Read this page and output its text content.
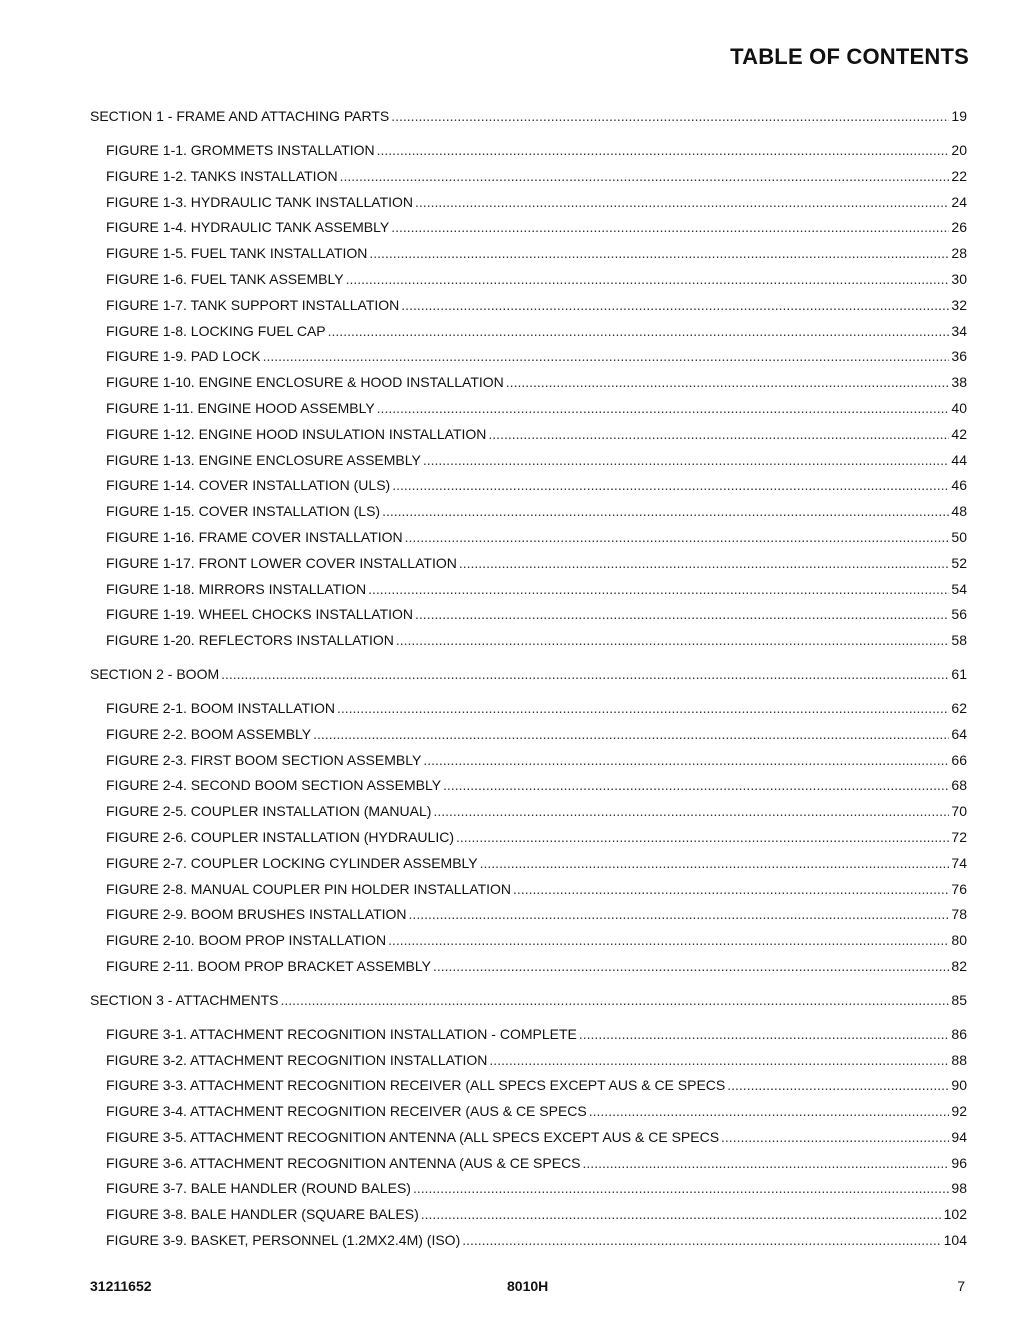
TABLE OF CONTENTS
SECTION 1 - FRAME AND ATTACHING PARTS .....	19
FIGURE 1-1. GROMMETS INSTALLATION .....	20
FIGURE 1-2. TANKS INSTALLATION .....	22
FIGURE 1-3. HYDRAULIC TANK INSTALLATION .....	24
FIGURE 1-4. HYDRAULIC TANK ASSEMBLY .....	26
FIGURE 1-5. FUEL TANK INSTALLATION .....	28
FIGURE 1-6. FUEL TANK ASSEMBLY .....	30
FIGURE 1-7. TANK SUPPORT INSTALLATION .....	32
FIGURE 1-8. LOCKING FUEL CAP .....	34
FIGURE 1-9. PAD LOCK .....	36
FIGURE 1-10. ENGINE ENCLOSURE & HOOD INSTALLATION .....	38
FIGURE 1-11. ENGINE HOOD ASSEMBLY .....	40
FIGURE 1-12. ENGINE HOOD INSULATION INSTALLATION .....	42
FIGURE 1-13. ENGINE ENCLOSURE ASSEMBLY .....	44
FIGURE 1-14. COVER INSTALLATION (ULS) .....	46
FIGURE 1-15. COVER INSTALLATION (LS) .....	48
FIGURE 1-16. FRAME COVER INSTALLATION .....	50
FIGURE 1-17. FRONT LOWER COVER INSTALLATION .....	52
FIGURE 1-18. MIRRORS INSTALLATION .....	54
FIGURE 1-19. WHEEL CHOCKS INSTALLATION .....	56
FIGURE 1-20. REFLECTORS INSTALLATION .....	58
SECTION 2 - BOOM .....	61
FIGURE 2-1. BOOM INSTALLATION .....	62
FIGURE 2-2. BOOM ASSEMBLY .....	64
FIGURE 2-3. FIRST BOOM SECTION ASSEMBLY .....	66
FIGURE 2-4. SECOND BOOM SECTION ASSEMBLY .....	68
FIGURE 2-5. COUPLER INSTALLATION (MANUAL) .....	70
FIGURE 2-6. COUPLER INSTALLATION (HYDRAULIC) .....	72
FIGURE 2-7. COUPLER LOCKING CYLINDER ASSEMBLY .....	74
FIGURE 2-8. MANUAL COUPLER PIN HOLDER INSTALLATION .....	76
FIGURE 2-9. BOOM BRUSHES INSTALLATION .....	78
FIGURE 2-10. BOOM PROP INSTALLATION .....	80
FIGURE 2-11. BOOM PROP BRACKET ASSEMBLY .....	82
SECTION 3 - ATTACHMENTS .....	85
FIGURE 3-1. ATTACHMENT RECOGNITION INSTALLATION - COMPLETE .....	86
FIGURE 3-2. ATTACHMENT RECOGNITION INSTALLATION .....	88
FIGURE 3-3. ATTACHMENT RECOGNITION RECEIVER (ALL SPECS EXCEPT AUS & CE SPECS .....	90
FIGURE 3-4. ATTACHMENT RECOGNITION RECEIVER (AUS & CE SPECS .....	92
FIGURE 3-5. ATTACHMENT RECOGNITION ANTENNA (ALL SPECS EXCEPT AUS & CE SPECS .....	94
FIGURE 3-6. ATTACHMENT RECOGNITION ANTENNA (AUS & CE SPECS .....	96
FIGURE 3-7. BALE HANDLER (ROUND BALES) .....	98
FIGURE 3-8. BALE HANDLER (SQUARE BALES) .....	102
FIGURE 3-9. BASKET, PERSONNEL (1.2MX2.4M) (ISO) .....	104
31211652	8010H	7
